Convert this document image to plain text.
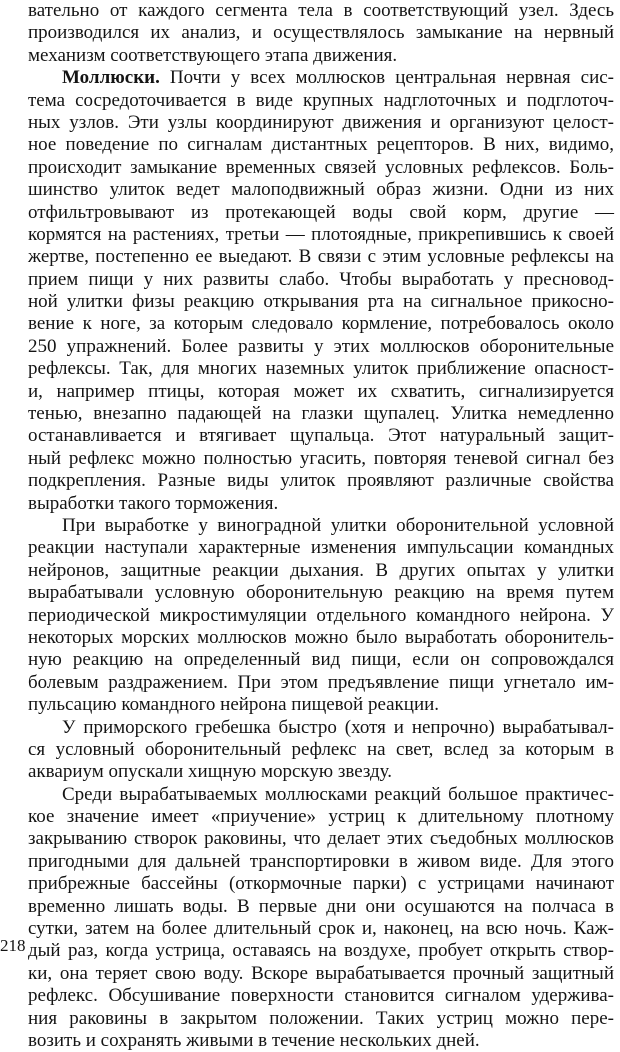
вательно от каждого сегмента тела в соответствующий узел. Здесь
производился их анализ, и осуществлялось замыкание на нервный
механизм соответствующего этапа движения.
Моллюски. Почти у всех моллюсков центральная нервная сис-
тема сосредоточивается в виде крупных надглоточных и подглоточ-
ных узлов. Эти узлы координируют движения и организуют целост-
ное поведение по сигналам дистантных рецепторов. В них, видимо,
происходит замыкание временных связей условных рефлексов. Боль-
шинство улиток ведет малоподвижный образ жизни. Одни из них
отфильтровывают из протекающей воды свой корм, другие —
кормятся на растениях, третьи — плотоядные, прикрепившись к своей
жертве, постепенно ее выедают. В связи с этим условные рефлексы на
прием пищи у них развиты слабо. Чтобы выработать у пресновод-
ной улитки физы реакцию открывания рта на сигнальное прикосно-
вение к ноге, за которым следовало кормление, потребовалось около
250 упражнений. Более развиты у этих моллюсков оборонительные
рефлексы. Так, для многих наземных улиток приближение опасност-
и, например птицы, которая может их схватить, сигнализируется
тенью, внезапно падающей на глазки щупалец. Улитка немедленно
останавливается и втягивает щупальца. Этот натуральный защит-
ный рефлекс можно полностью угасить, повторяя теневой сигнал без
подкрепления. Разные виды улиток проявляют различные свойства
выработки такого торможения.
При выработке у виноградной улитки оборонительной условной
реакции наступали характерные изменения импульсации командных
нейронов, защитные реакции дыхания. В других опытах у улитки
вырабатывали условную оборонительную реакцию на время путем
периодической микростимуляции отдельного командного нейрона. У
некоторых морских моллюсков можно было выработать оборонитель-
ную реакцию на определенный вид пищи, если он сопровождался
болевым раздражением. При этом предъявление пищи угнетало им-
пульсацию командного нейрона пищевой реакции.
У приморского гребешка быстро (хотя и непрочно) вырабатывал-
ся условный оборонительный рефлекс на свет, вслед за которым в
аквариум опускали хищную морскую звезду.
Среди вырабатываемых моллюсками реакций большое практичес-
кое значение имеет «приучение» устриц к длительному плотному
закрыванию створок раковины, что делает этих съедобных моллюсков
пригодными для дальней транспортировки в живом виде. Для этого
прибрежные бассейны (откормочные парки) с устрицами начинают
временно лишать воды. В первые дни они осушаются на полчаса в
сутки, затем на более длительный срок и, наконец, на всю ночь. Каж-
дый раз, когда устрица, оставаясь на воздухе, пробует открыть створ-
ки, она теряет свою воду. Вскоре вырабатывается прочный защитный
рефлекс. Обсушивание поверхности становится сигналом удержива-
ния раковины в закрытом положении. Таких устриц можно пере-
возить и сохранять живыми в течение нескольких дней.
218
